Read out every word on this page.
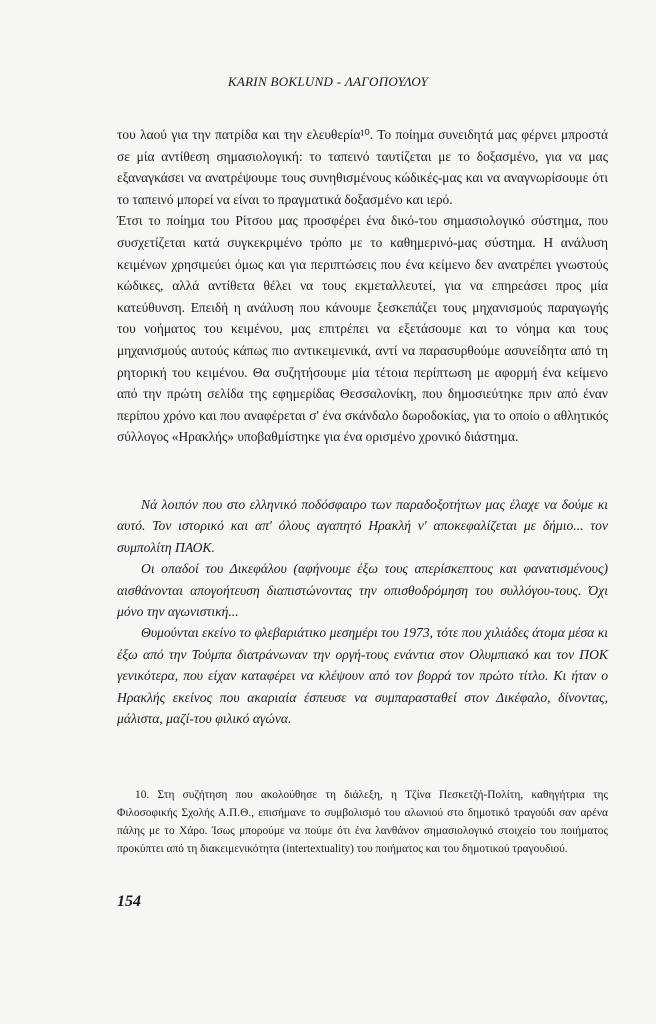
KARIN BOKLUND - ΛΑΓΟΠΟΥΛΟΥ

του λαού για την πατρίδα και την ελευθερία¹⁰. Το ποίημα συνειδητά μας φέρνει μπροστά σε μία αντίθεση σημασιολογική: το ταπεινό ταυτίζεται με το δοξασμένο, για να μας εξαναγκάσει να ανατρέψουμε τους συνηθισμένους κώδικές-μας και να αναγνωρίσουμε ότι το ταπεινό μπορεί να είναι το πραγματικά δοξασμένο και ιερό.

Έτσι το ποίημα του Ρίτσου μας προσφέρει ένα δικό-του σημασιολογικό σύστημα, που συσχετίζεται κατά συγκεκριμένο τρόπο με το καθημερινό-μας σύστημα. Η ανάλυση κειμένων χρησιμεύει όμως και για περιπτώσεις που ένα κείμενο δεν ανατρέπει γνωστούς κώδικες, αλλά αντίθετα θέλει να τους εκμεταλλευτεί, για να επηρεάσει προς μία κατεύθυνση. Επειδή η ανάλυση που κάνουμε ξεσκεπάζει τους μηχανισμούς παραγωγής του νοήματος του κειμένου, μας επιτρέπει να εξετάσουμε και το νόημα και τους μηχανισμούς αυτούς κάπως πιο αντικειμενικά, αντί να παρασυρθούμε ασυνείδητα από τη ρητορική του κειμένου. Θα συζητήσουμε μία τέτοια περίπτωση με αφορμή ένα κείμενο από την πρώτη σελίδα της εφημερίδας Θεσσαλονίκη, που δημοσιεύτηκε πριν από έναν περίπου χρόνο και που αναφέρεται σ' ένα σκάνδαλο δωροδοκίας, για το οποίο ο αθλητικός σύλλογος «Ηρακλής» υποβαθμίστηκε για ένα ορισμένο χρονικό διάστημα.

Νά λοιπόν που στο ελληνικό ποδόσφαιρο των παραδοξοτήτων μας έλαχε να δούμε κι αυτό. Τον ιστορικό και απ' όλους αγαπητό Ηρακλή ν' αποκεφαλίζεται με δήμιο... τον συμπολίτη ΠΑΟΚ.

Οι οπαδοί του Δικεφάλου (αφήνουμε έξω τους απερίσκεπτους και φανατισμένους) αισθάνονται απογοήτευση διαπιστώνοντας την οπισθοδρόμηση του συλλόγου-τους. Όχι μόνο την αγωνιστική...

Θυμούνται εκείνο το φλεβαριάτικο μεσημέρι του 1973, τότε που χιλιάδες άτομα μέσα κι έξω από την Τούμπα διατράνωναν την οργή-τους ενάντια στον Ολυμπιακό και τον ΠΟΚ γενικότερα, που είχαν καταφέρει να κλέψουν από τον βορρά τον πρώτο τίτλο. Κι ήταν ο Ηρακλής εκείνος που ακαριαία έσπευσε να συμπαρασταθεί στον Δικέφαλο, δίνοντας, μάλιστα, μαζί-του φιλικό αγώνα.

10. Στη συζήτηση που ακολούθησε τη διάλεξη, η Τζίνα Πεσκετζή-Πολίτη, καθηγήτρια της Φιλοσοφικής Σχολής Α.Π.Θ., επισήμανε το συμβολισμό του αλωνιού στο δημοτικό τραγούδι σαν αρένα πάλης με το Χάρο. Ίσως μπορούμε να πούμε ότι ένα λανθάνον σημασιολογικό στοιχείο του ποιήματος προκύπτει από τη διακειμενικότητα (intertextuality) του ποιήματος και του δημοτικού τραγουδιού.

154
